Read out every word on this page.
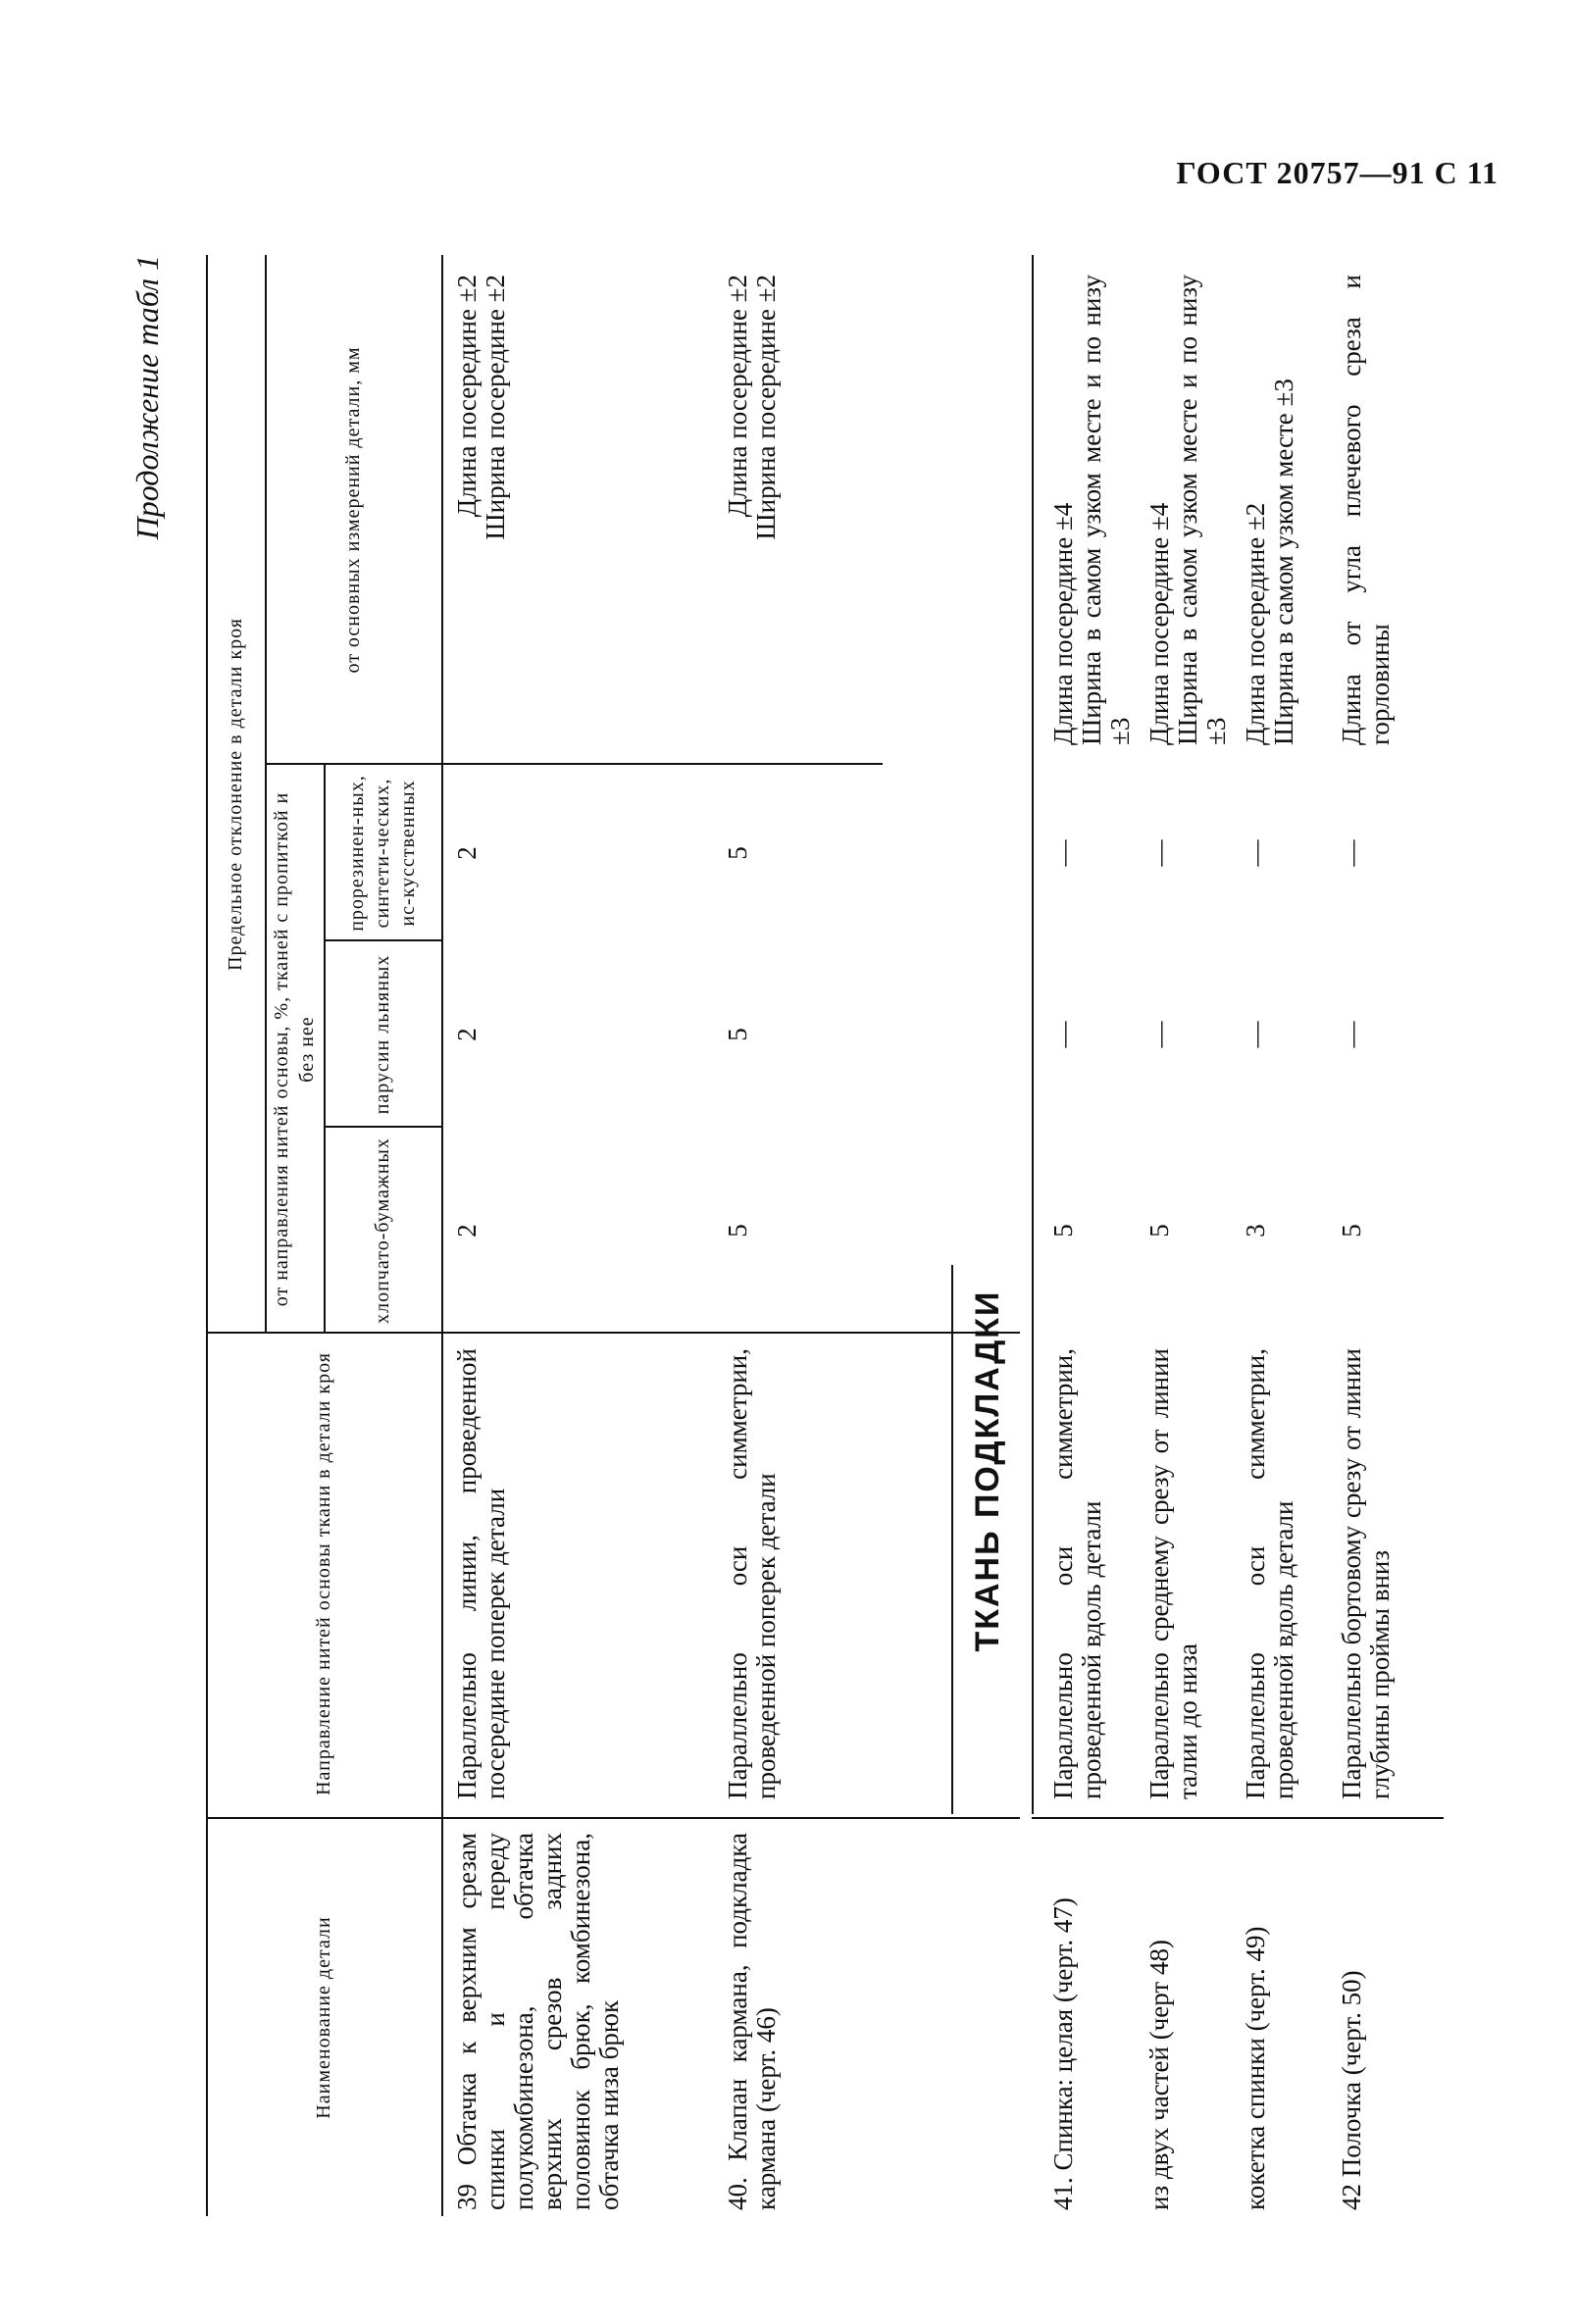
ГОСТ 20757—91 С 11
Продолжение табл 1
Наименование детали
Направление нитей основы ткани в детали кроя
Предельное отклонение в детали кроя	от направления нитей основы, %, тканей с пропиткой и без нее
от основных измерений детали, мм
хлопчато-бумажных
парусин льняных
прорезинен-ных, синтети-ческих, ис-кусственных
39 Обтачка к верхним срезам спинки и переду полукомбинезона, обтачка верхних срезов задних половинок брюк, комбинезона, обтачка низа брюк
Параллельно линии, проведенной посередине поперек детали
2
2
2
Длина посередине ±2 Ширина посередине ±2
40. Клапан кармана, подкладка кармана (черт. 46)
Параллельно оси симметрии, проведенной поперек детали
5
5
5
Длина посередине ±2 Ширина посередине ±2
ТКАНЬ ПОДКЛАДКИ
41. Спинка: целая (черт. 47)
Параллельно оси симметрии, проведенной вдоль детали
5
—
—
Длина посередине ±4 Ширина в самом узком месте и по низу ±3
из двух частей (черт 48)
Параллельно среднему срезу от линии талии до низа
5
—
—
Длина посередине ±4 Ширина в самом узком месте и по низу ±3
кокетка спинки (черт. 49)
Параллельно оси симметрии, проведенной вдоль детали
3
—
—
Длина посередине ±2 Ширина в самом узком месте ±3
42 Полочка (черт. 50)
Параллельно бортовому срезу от линии глубины проймы вниз
5
—
—
Длина от угла плечевого среза и горловины
